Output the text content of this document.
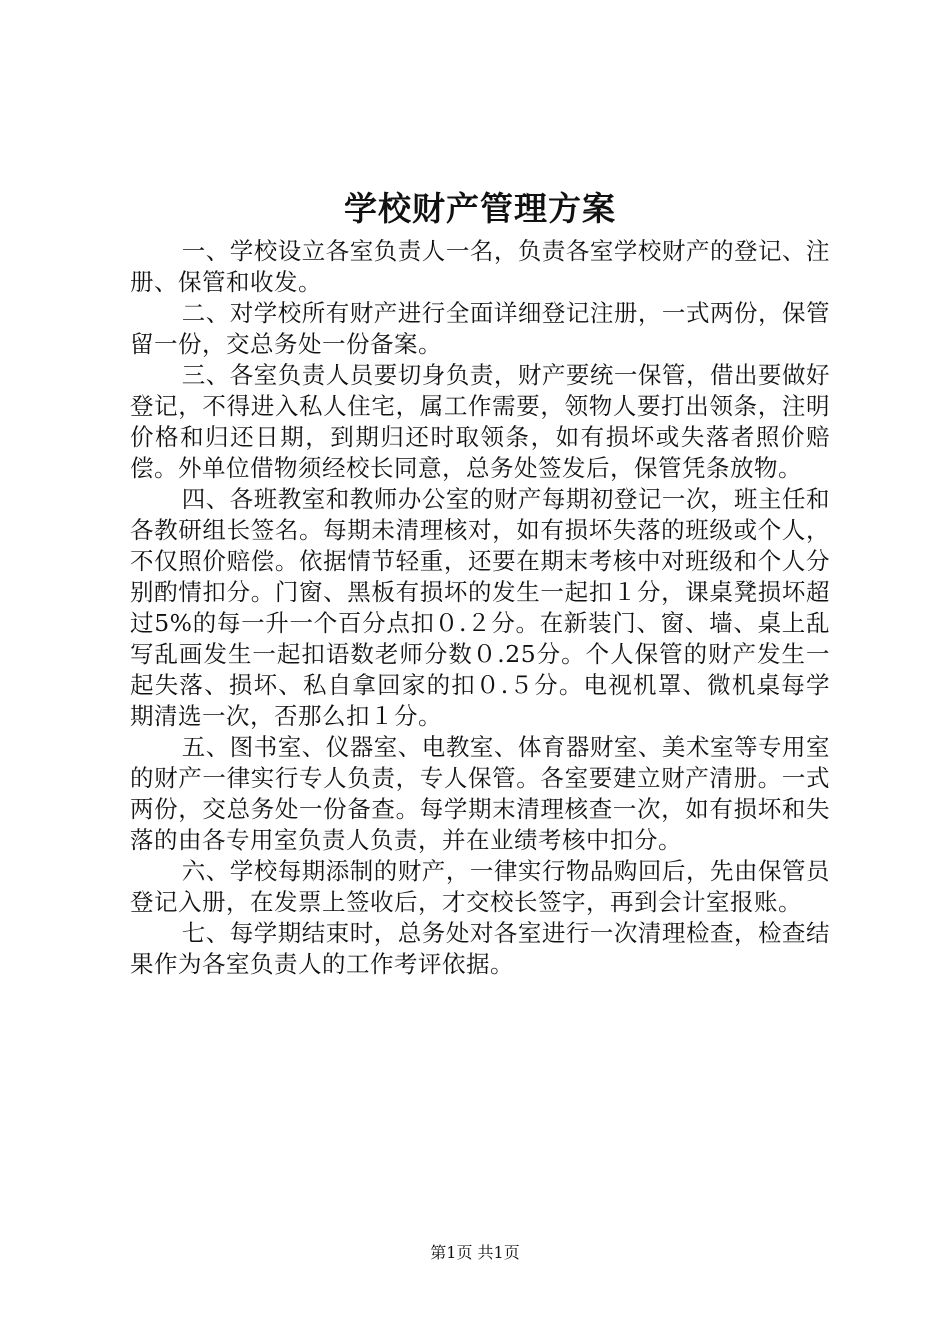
学校财产管理方案

一、学校设立各室负责人一名，负责各室学校财产的登记、注册、保管和收发。

二、对学校所有财产进行全面详细登记注册，一式两份，保管留一份，交总务处一份备案。

三、各室负责人员要切身负责，财产要统一保管，借出要做好登记，不得进入私人住宅，属工作需要，领物人要打出领条，注明价格和归还日期，到期归还时取领条，如有损坏或失落者照价赔偿。外单位借物须经校长同意，总务处签发后，保管凭条放物。

四、各班教室和教师办公室的财产每期初登记一次，班主任和各教研组长签名。每期未清理核对，如有损坏失落的班级或个人，不仅照价赔偿。依据情节轻重，还要在期末考核中对班级和个人分别酌情扣分。门窗、黑板有损坏的发生一起扣１分，课桌凳损坏超过5%的每一升一个百分点扣０.２分。在新装门、窗、墙、桌上乱写乱画发生一起扣语数老师分数０.25分。个人保管的财产发生一起失落、损坏、私自拿回家的扣０.５分。电视机罩、微机桌每学期清选一次，否那么扣１分。

五、图书室、仪器室、电教室、体育器财室、美术室等专用室的财产一律实行专人负责，专人保管。各室要建立财产清册。一式两份，交总务处一份备查。每学期末清理核查一次，如有损坏和失落的由各专用室负责人负责，并在业绩考核中扣分。

六、学校每期添制的财产，一律实行物品购回后，先由保管员登记入册，在发票上签收后，才交校长签字，再到会计室报账。

七、每学期结束时，总务处对各室进行一次清理检查，检查结果作为各室负责人的工作考评依据。

第1页 共1页
